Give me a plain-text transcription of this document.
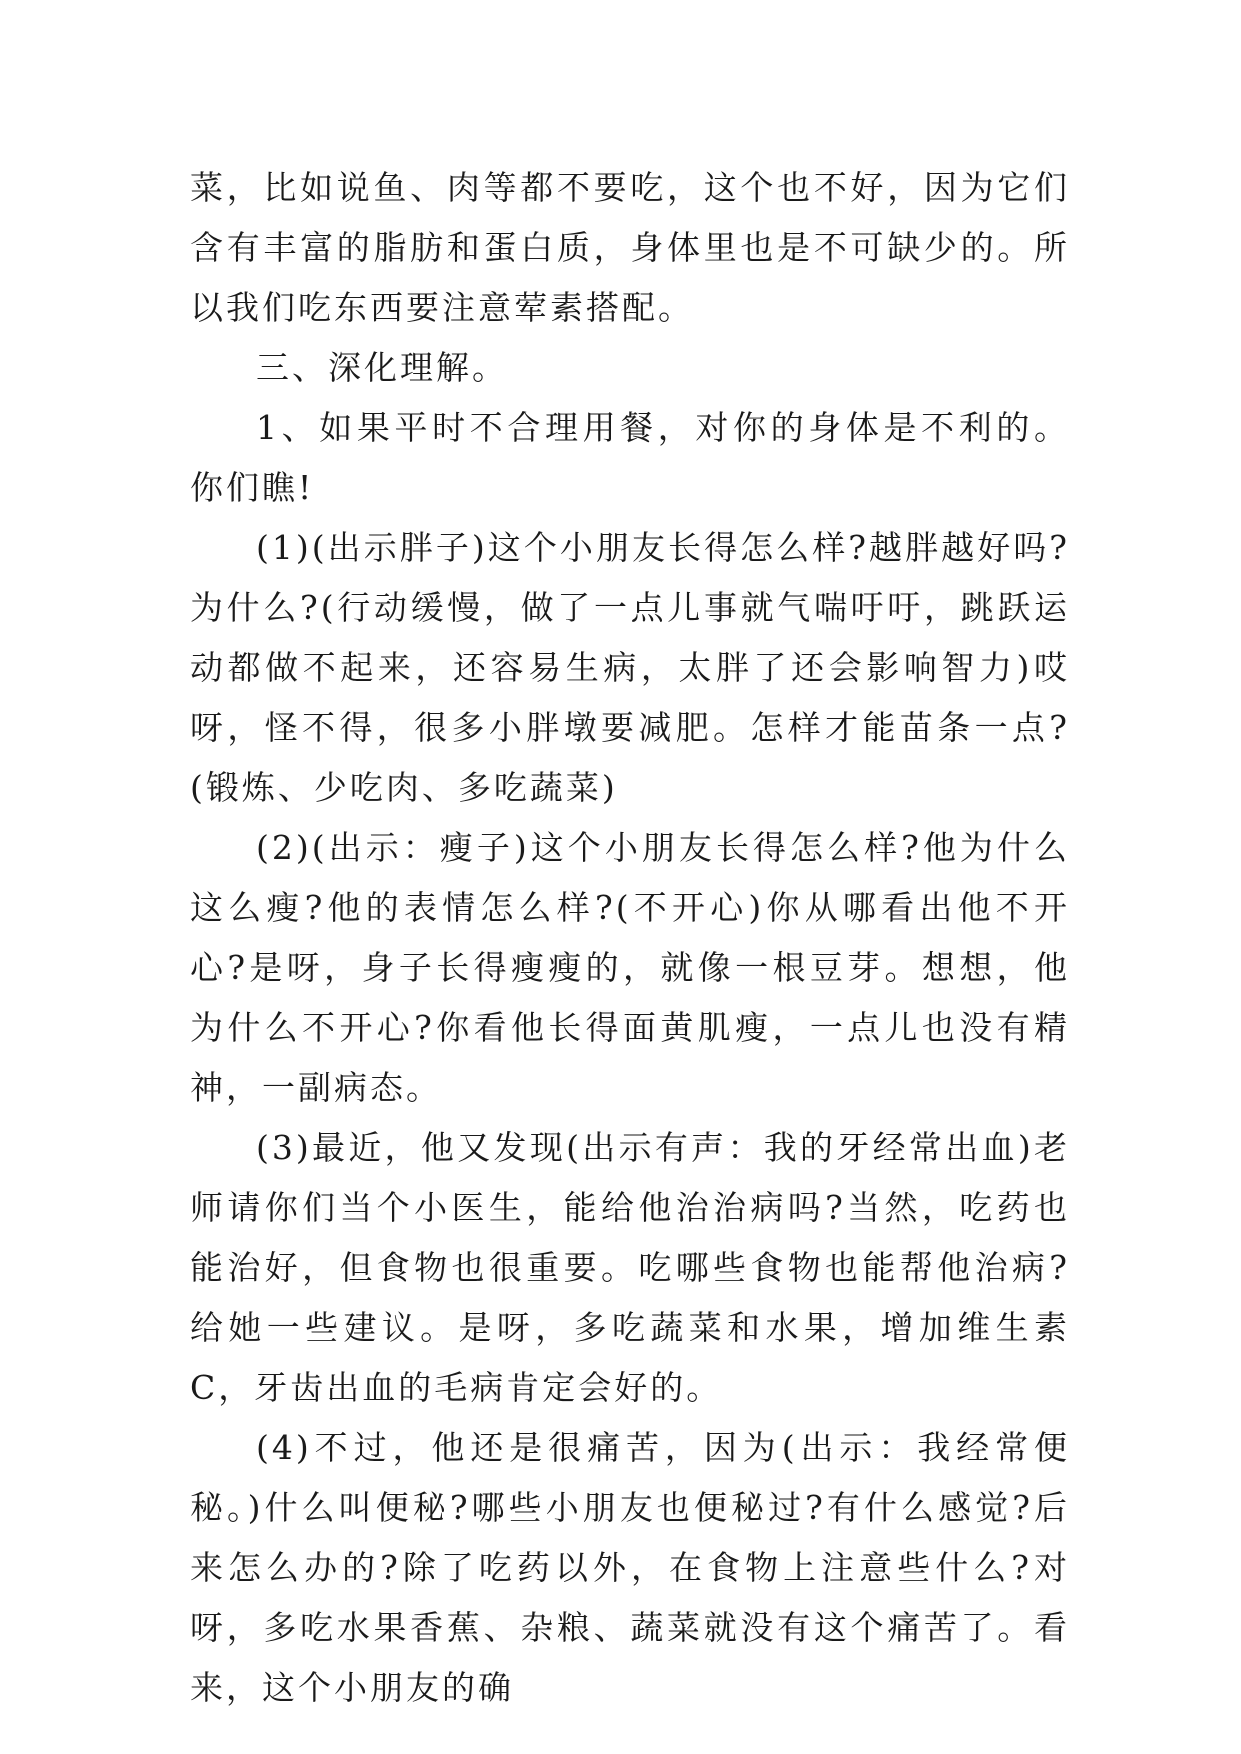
菜，比如说鱼、肉等都不要吃，这个也不好，因为它们含有丰富的脂肪和蛋白质，身体里也是不可缺少的。所以我们吃东西要注意荤素搭配。

三、深化理解。

1、如果平时不合理用餐，对你的身体是不利的。你们瞧!

(1)(出示胖子)这个小朋友长得怎么样?越胖越好吗?为什么?(行动缓慢，做了一点儿事就气喘吁吁，跳跃运动都做不起来，还容易生病，太胖了还会影响智力)哎呀，怪不得，很多小胖墩要减肥。怎样才能苗条一点?(锻炼、少吃肉、多吃蔬菜)

(2)(出示：瘦子)这个小朋友长得怎么样?他为什么这么瘦?他的表情怎么样?(不开心)你从哪看出他不开心?是呀，身子长得瘦瘦的，就像一根豆芽。想想，他为什么不开心?你看他长得面黄肌瘦，一点儿也没有精神，一副病态。

(3)最近，他又发现(出示有声：我的牙经常出血)老师请你们当个小医生，能给他治治病吗?当然，吃药也能治好，但食物也很重要。吃哪些食物也能帮他治病?给她一些建议。是呀，多吃蔬菜和水果，增加维生素C，牙齿出血的毛病肯定会好的。

(4)不过，他还是很痛苦，因为(出示：我经常便秘。)什么叫便秘?哪些小朋友也便秘过?有什么感觉?后来怎么办的?除了吃药以外，在食物上注意些什么?对呀，多吃水果香蕉、杂粮、蔬菜就没有这个痛苦了。看来，这个小朋友的确
